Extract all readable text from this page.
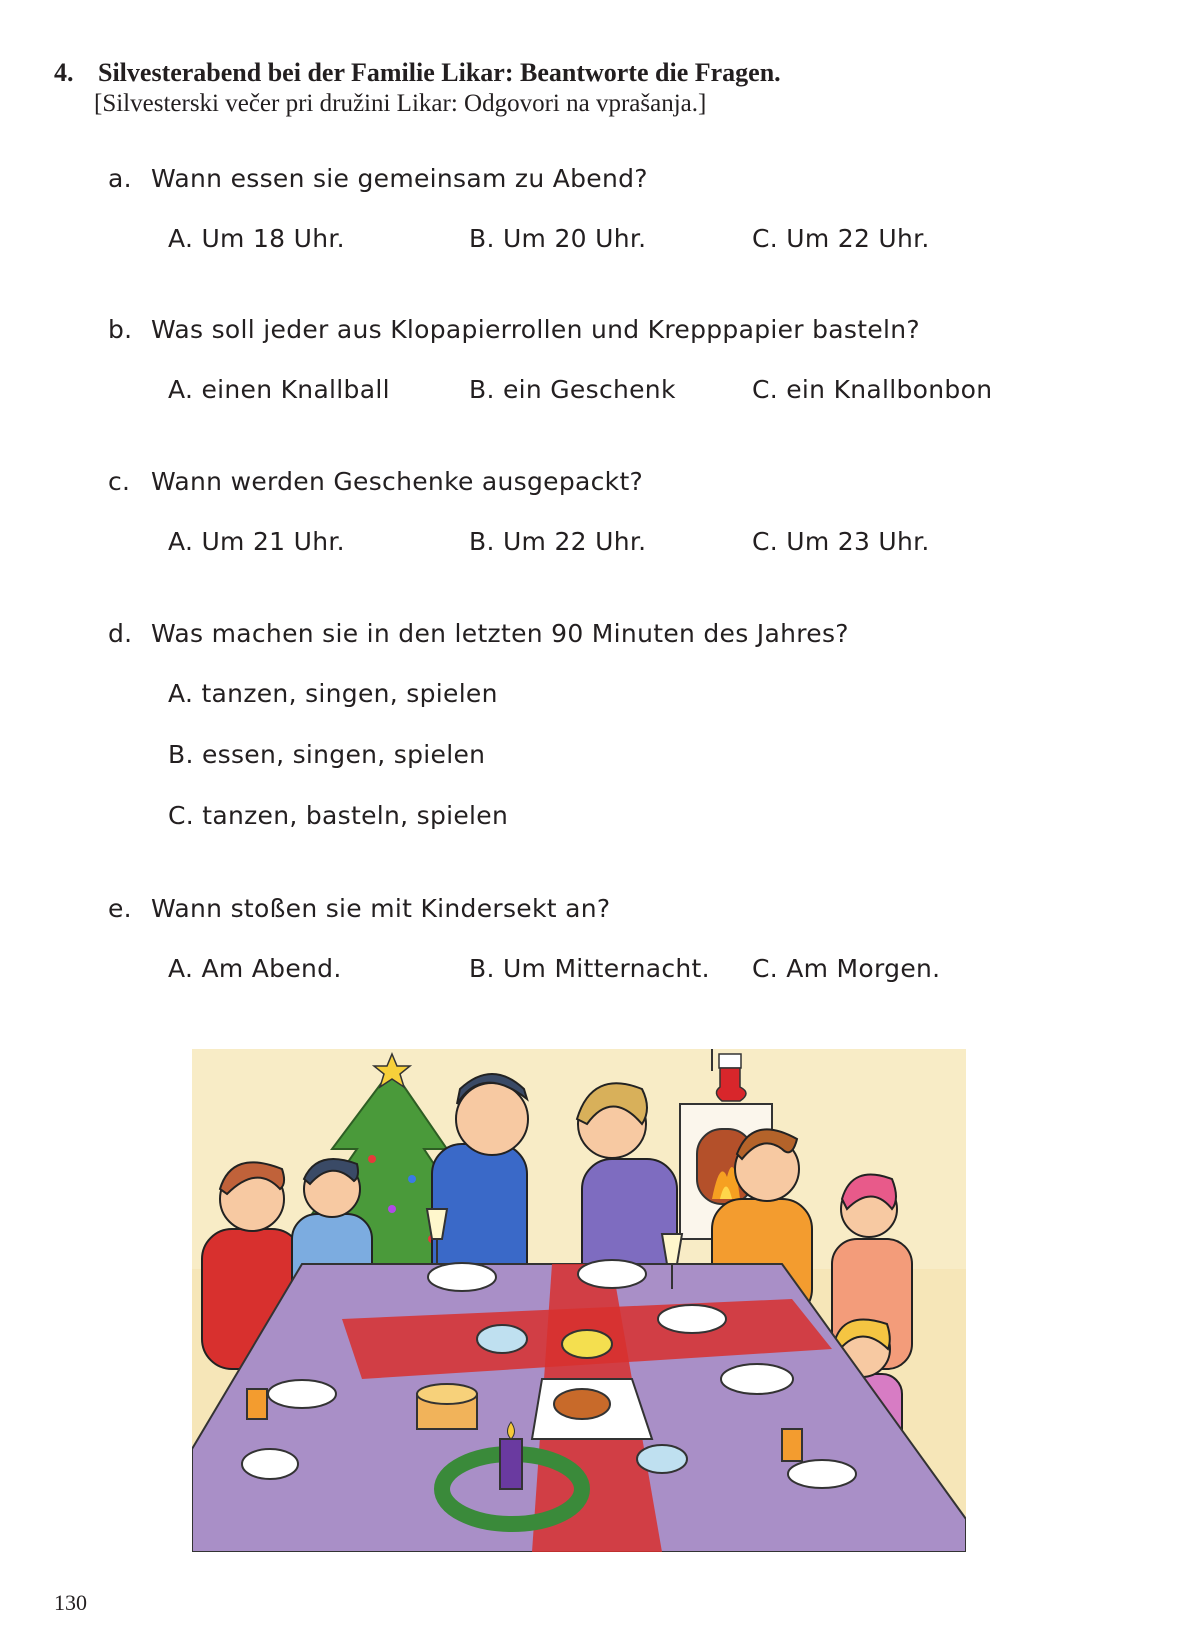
4. Silvesterabend bei der Familie Likar: Beantworte die Fragen.
[Silvesterski večer pri družini Likar: Odgovori na vprašanja.]
a. Wann essen sie gemeinsam zu Abend?
A. Um 18 Uhr.	B. Um 20 Uhr.	C. Um 22 Uhr.
b. Was soll jeder aus Klopapierrollen und Krepppapier basteln?
A. einen Knallball	B. ein Geschenk	C. ein Knallbonbon
c. Wann werden Geschenke ausgepackt?
A. Um 21 Uhr.	B. Um 22 Uhr.	C. Um 23 Uhr.
d. Was machen sie in den letzten 90 Minuten des Jahres?
A. tanzen, singen, spielen
B. essen, singen, spielen
C. tanzen, basteln, spielen
e. Wann stoßen sie mit Kindersekt an?
A. Am Abend.	B. Um Mitternacht. C. Am Morgen.
130
